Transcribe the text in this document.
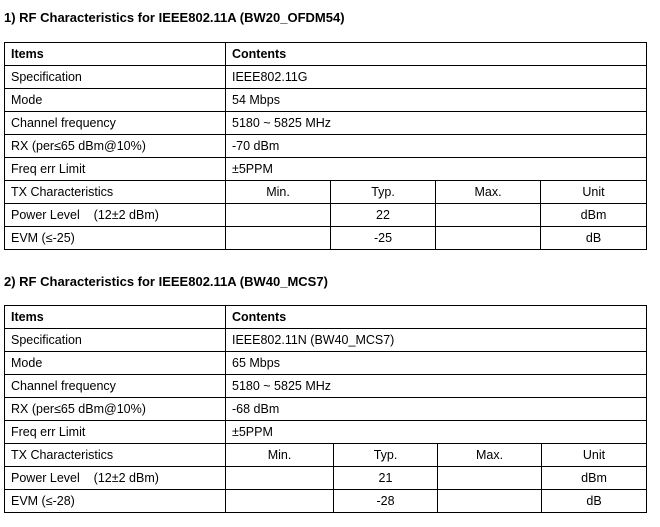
1) RF Characteristics for IEEE802.11A (BW20_OFDM54)
Items	Contents			
Specification	IEEE802.11G			
Mode	54 Mbps			
Channel frequency	5180 ~ 5825 MHz			
RX (per≤65 dBm@10%)	-70 dBm			
Freq err Limit	±5PPM			
TX Characteristics	Min.	Typ.	Max.	Unit
Power Level    (12±2 dBm)		22		dBm
EVM (≤-25)		-25		dB
2) RF Characteristics for IEEE802.11A (BW40_MCS7)
Items	Contents			
Specification	IEEE802.11N (BW40_MCS7)			
Mode	65 Mbps			
Channel frequency	5180 ~ 5825 MHz			
RX (per≤65 dBm@10%)	-68 dBm			
Freq err Limit	±5PPM			
TX Characteristics	Min.	Typ.	Max.	Unit
Power Level    (12±2 dBm)		21		dBm
EVM (≤-28)		-28		dB
